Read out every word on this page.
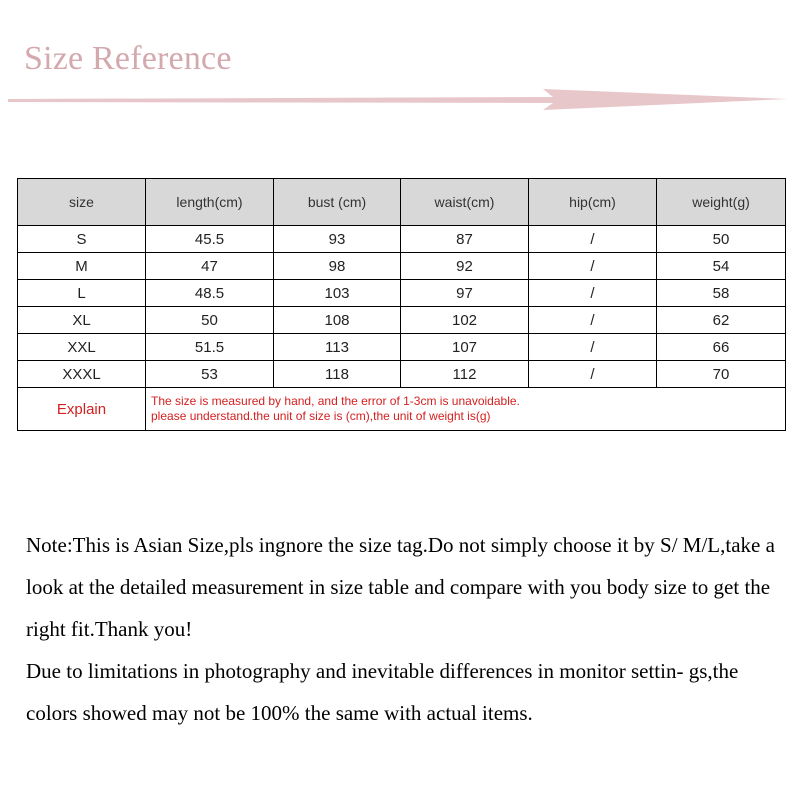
Size Reference
size	length(cm)	bust (cm)	waist(cm)	hip(cm)	weight(g)
S	45.5	93	87	/	50
M	47	98	92	/	54
L	48.5	103	97	/	58
XL	50	108	102	/	62
XXL	51.5	113	107	/	66
XXXL	53	118	112	/	70
Explain	The size is measured by hand, and the error of 1-3cm is unavoidable.
please understand.the unit of size is (cm),the unit of weight is(g)				

Note:This is Asian Size,pls ingnore the size tag.Do not simply choose it by S/ M/L,take a look at the detailed measurement in size table and compare with you body size to get the right fit.Thank you!

Due to limitations in photography and inevitable differences in monitor settin- gs,the colors showed may not be 100% the same with actual items.
